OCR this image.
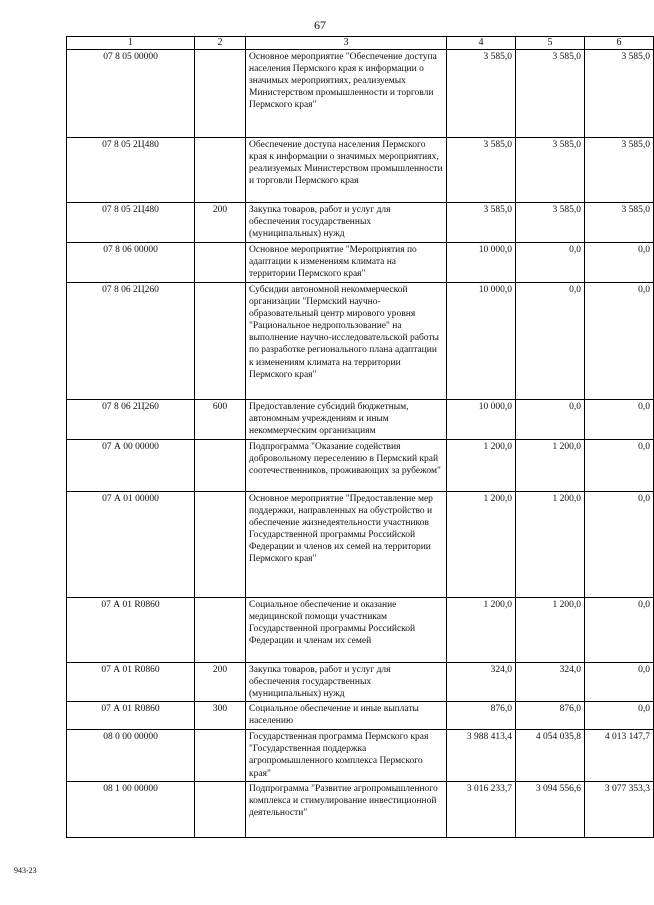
67
1	2	3	4	5	6
07 8 05 00000		Основное мероприятие "Обеспечение доступа населения Пермского края к информации о значимых мероприятиях, реализуемых Министерством промышленности и торговли Пермского края"	3 585,0	3 585,0	3 585,0
07 8 05 2Ц480		Обеспечение доступа населения Пермского края к информации о значимых мероприятиях, реализуемых Министерством промышленности и торговли Пермского края	3 585,0	3 585,0	3 585,0
07 8 05 2Ц480	200	Закупка товаров, работ и услуг для обеспечения государственных (муниципальных) нужд	3 585,0	3 585,0	3 585,0
07 8 06 00000		Основное мероприятие "Мероприятия по адаптации к изменениям климата на территории Пермского края"	10 000,0	0,0	0,0
07 8 06 2Ц260		Субсидии автономной некоммерческой организации "Пермский научно-образовательный центр мирового уровня "Рациональное недропользование" на выполнение научно-исследовательской работы по разработке регионального плана адаптации к изменениям климата на территории Пермского края"	10 000,0	0,0	0,0
07 8 06 2Ц260	600	Предоставление субсидий бюджетным, автономным учреждениям и иным некоммерческим организациям	10 000,0	0,0	0,0
07 А 00 00000		Подпрограмма "Оказание содействия добровольному переселению в Пермский край соотечественников, проживающих за рубежом"	1 200,0	1 200,0	0,0
07 А 01 00000		Основное мероприятие "Предоставление мер поддержки, направленных на обустройство и обеспечение жизнедеятельности участников Государственной программы Российской Федерации и членов их семей на территории Пермского края"	1 200,0	1 200,0	0,0
07 А 01 R0860		Социальное обеспечение и оказание медицинской помощи участникам Государственной программы Российской Федерации и членам их семей	1 200,0	1 200,0	0,0
07 А 01 R0860	200	Закупка товаров, работ и услуг для обеспечения государственных (муниципальных) нужд	324,0	324,0	0,0
07 А 01 R0860	300	Социальное обеспечение и иные выплаты населению	876,0	876,0	0,0
08 0 00 00000		Государственная программа Пермского края "Государственная поддержка агропромышленного комплекса Пермского края"	3 988 413,4	4 054 035,8	4 013 147,7
08 1 00 00000		Подпрограмма "Развитие агропромышленного комплекса и стимулирование инвестиционной деятельности"	3 016 233,7	3 094 556,6	3 077 353,3
943-23
